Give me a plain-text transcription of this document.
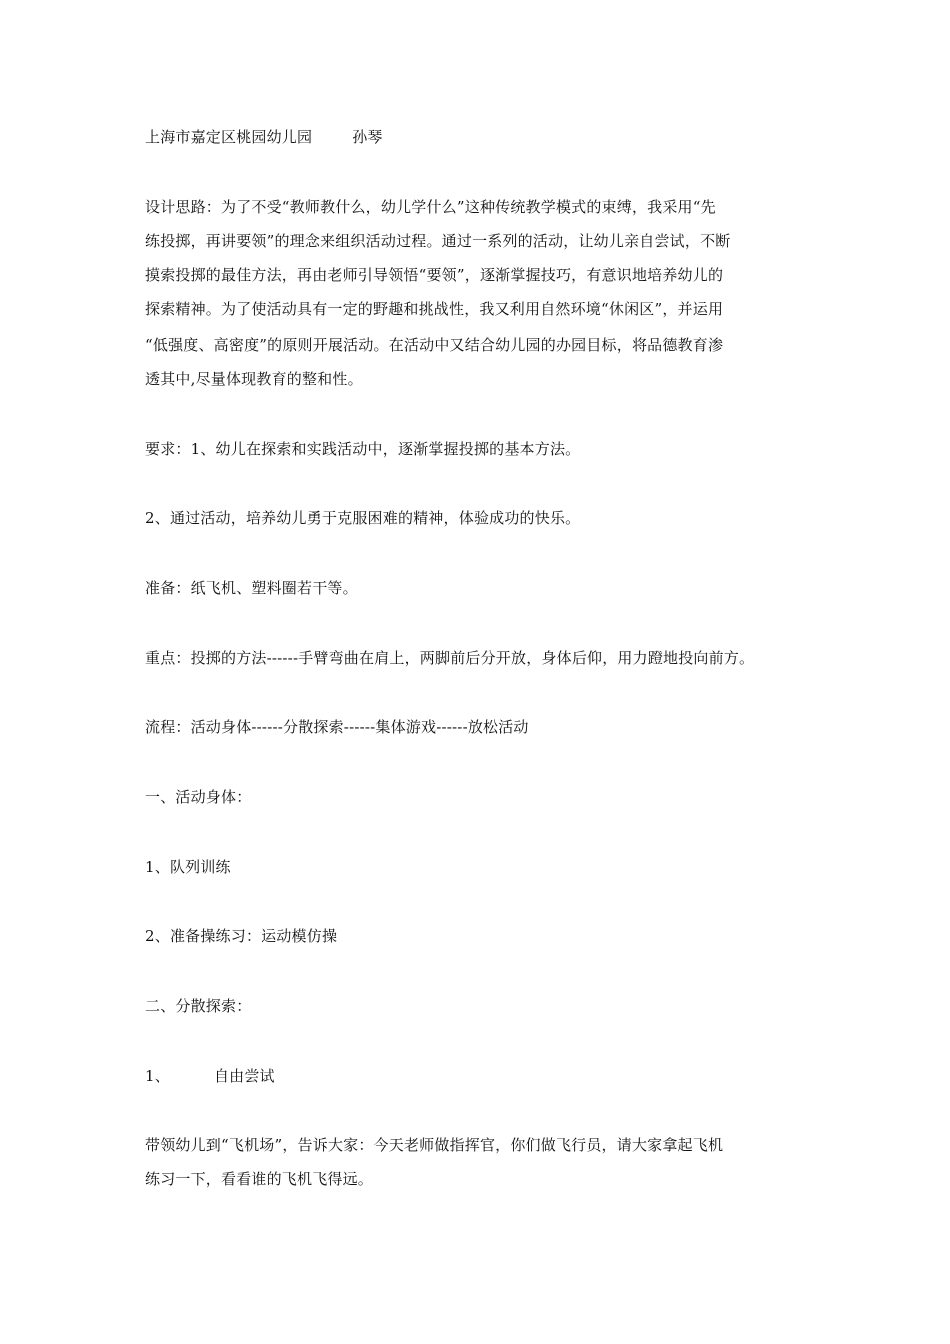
上海市嘉定区桃园幼儿园	孙琴
设计思路：为了不受“教师教什么，幼儿学什么”这种传统教学模式的束缚，我采用“先
练投掷，再讲要领”的理念来组织活动过程。通过一系列的活动，让幼儿亲自尝试，不断
摸索投掷的最佳方法，再由老师引导领悟“要领”，逐渐掌握技巧，有意识地培养幼儿的
探索精神。为了使活动具有一定的野趣和挑战性，我又利用自然环境“休闲区”，并运用
“低强度、高密度”的原则开展活动。在活动中又结合幼儿园的办园目标，将品德教育渗
透其中,尽量体现教育的整和性。
要求：1、幼儿在探索和实践活动中，逐渐掌握投掷的基本方法。
2、通过活动，培养幼儿勇于克服困难的精神，体验成功的快乐。
准备：纸飞机、塑料圈若干等。
重点：投掷的方法------手臂弯曲在肩上，两脚前后分开放，身体后仰，用力蹬地投向前方。
流程：活动身体------分散探索------集体游戏------放松活动
一、活动身体：
1、队列训练
2、准备操练习：运动模仿操
二、分散探索：
1、	自由尝试
带领幼儿到“飞机场”，告诉大家：今天老师做指挥官，你们做飞行员，请大家拿起飞机
练习一下，看看谁的飞机飞得远。
